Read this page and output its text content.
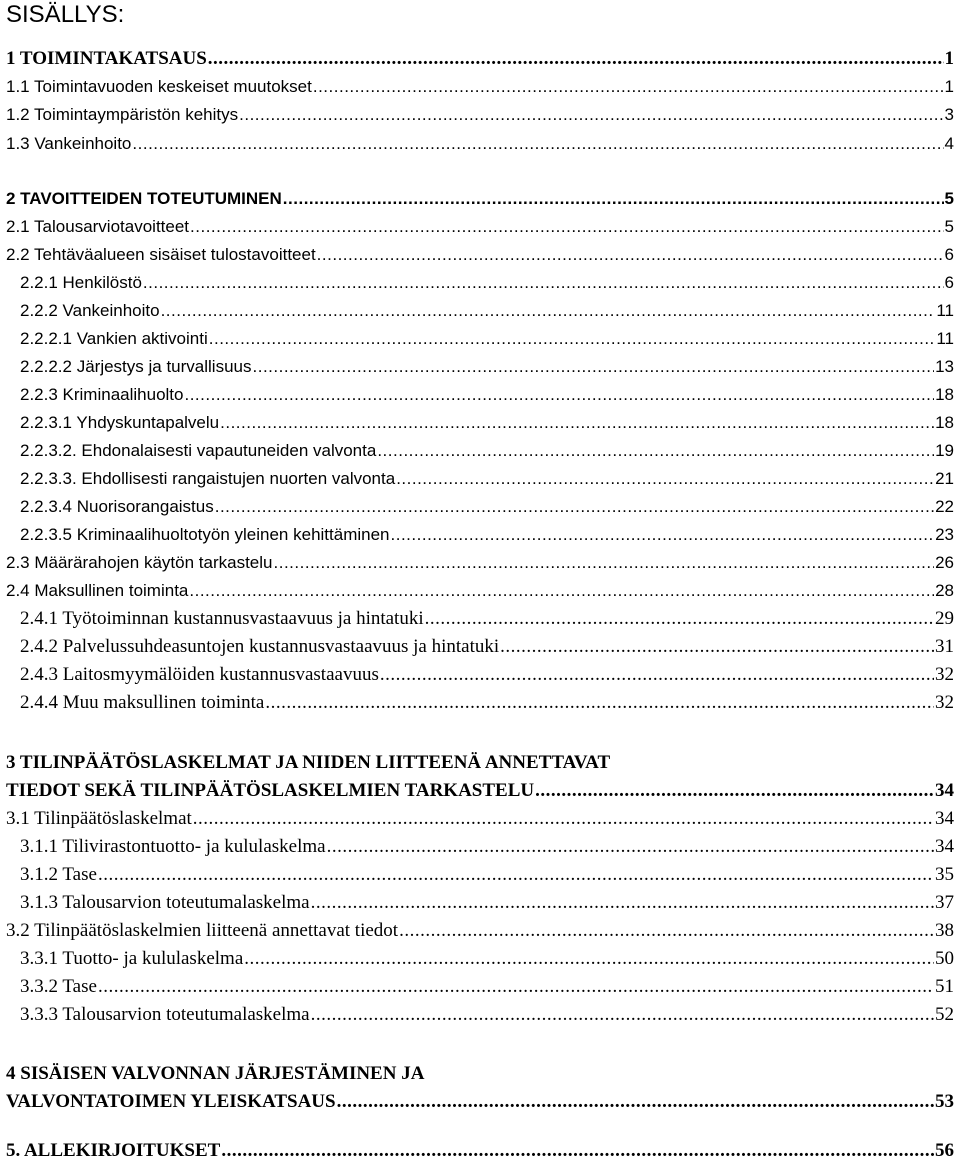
SISÄLLYS:
1 TOIMINTAKATSAUS .....	1
1.1 Toimintavuoden keskeiset muutokset .....	1
1.2 Toimintaympäristön kehitys .....	3
1.3 Vankeinhoito .....	4
2 TAVOITTEIDEN TOTEUTUMINEN .....	5
2.1 Talousarviotavoitteet .....	5
2.2 Tehtäväalueen sisäiset tulostavoitteet .....	6
2.2.1 Henkilöstö .....	6
2.2.2 Vankeinhoito .....	11
2.2.2.1 Vankien aktivointi .....	11
2.2.2.2 Järjestys ja turvallisuus .....	13
2.2.3 Kriminaalihuolto .....	18
2.2.3.1 Yhdyskuntapalvelu .....	18
2.2.3.2. Ehdonalaisesti vapautuneiden valvonta .....	19
2.2.3.3. Ehdollisesti rangaistujen nuorten valvonta .....	21
2.2.3.4 Nuorisorangaistus .....	22
2.2.3.5 Kriminaalihuoltotyön yleinen kehittäminen .....	23
2.3 Määrärahojen käytön tarkastelu .....	26
2.4 Maksullinen toiminta .....	28
2.4.1 Työtoiminnan kustannusvastaavuus ja hintatuki .....	29
2.4.2 Palvelussuhdeasuntojen kustannusvastaavuus ja hintatuki .....	31
2.4.3 Laitosmyymälöiden kustannusvastaavuus .....	32
2.4.4 Muu maksullinen toiminta .....	32
3 TILINPÄÄTÖSLASKELMAT JA NIIDEN LIITTEENÄ ANNETTAVAT
TIEDOT SEKÄ TILINPÄÄTÖSLASKELMIEN TARKASTELU .....	34
3.1 Tilinpäätöslaskelmat .....	34
3.1.1 Tilivirastontuotto- ja kululaskelma .....	34
3.1.2 Tase .....	35
3.1.3 Talousarvion toteutumalaskelma .....	37
3.2 Tilinpäätöslaskelmien liitteenä annettavat tiedot .....	38
3.3.1 Tuotto- ja kululaskelma .....	50
3.3.2 Tase .....	51
3.3.3 Talousarvion toteutumalaskelma .....	52
4 SISÄISEN VALVONNAN JÄRJESTÄMINEN JA
VALVONTATOIMEN YLEISKATSAUS .....	53
5. ALLEKIRJOITUKSET .....	56
